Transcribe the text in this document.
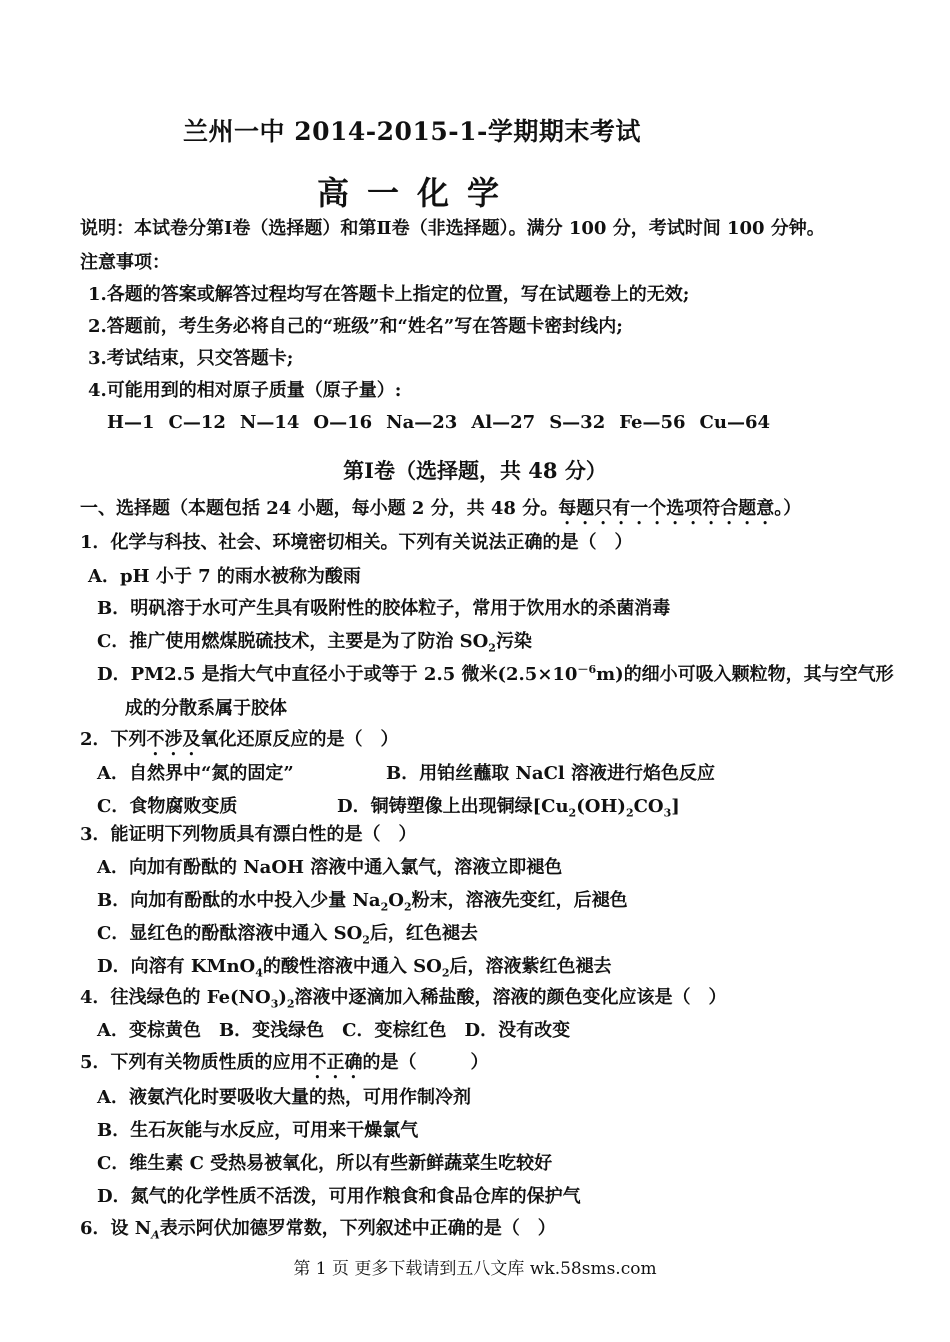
兰州一中 2014-2015-1-学期期末考试
高一化学
说明：本试卷分第Ⅰ卷（选择题）和第Ⅱ卷（非选择题）。满分 100 分，考试时间 100 分钟。
注意事项：
1.各题的答案或解答过程均写在答题卡上指定的位置，写在试题卷上的无效;
2.答题前，考生务必将自己的“班级”和“姓名”写在答题卡密封线内;
3.考试结束，只交答题卡;
4.可能用到的相对原子质量（原子量）:
H—1 C—12 N—14 O—16 Na—23 Al—27 S—32 Fe—56 Cu—64
第Ⅰ卷（选择题，共 48 分）
一、选择题（本题包括 24 小题，每小题 2 分，共 48 分。每题只有一个选项符合题意。）
1．化学与科技、社会、环境密切相关。下列有关说法正确的是（　）
A．pH 小于 7 的雨水被称为酸雨
B．明矾溶于水可产生具有吸附性的胶体粒子，常用于饮用水的杀菌消毒
C．推广使用燃煤脱硫技术，主要是为了防治 $SO_2$污染
D．PM2.5 是指大气中直径小于或等于 2.5 微米$(2.5\times 10^{-6}m)$的细小可吸入颗粒物，其与空气形
成的分散系属于胶体
2．下列不涉及氧化还原反应的是（　）
A．自然界中“氮的固定”	B．用铂丝蘸取 NaCl 溶液进行焰色反应
C．食物腐败变质	D．铜铸塑像上出现铜绿$[Cu_2(OH)_2CO_3]$
3．能证明下列物质具有漂白性的是（　）
A．向加有酚酞的 NaOH 溶液中通入氯气，溶液立即褪色
B．向加有酚酞的水中投入少量 $Na_2O_2$粉末，溶液先变红，后褪色
C．显红色的酚酞溶液中通入 $SO_2$后，红色褪去
D．向溶有 KMnO$_4$的酸性溶液中通入 $SO_2$后，溶液紫红色褪去
4．往浅绿色的 $Fe(NO_3)_2$溶液中逐滴加入稀盐酸，溶液的颜色变化应该是（　）
A．变棕黄色　B．变浅绿色　C．变棕红色　D．没有改变
5．下列有关物质性质的应用不正确的是（　　　）
A．液氨汽化时要吸收大量的热，可用作制冷剂
B．生石灰能与水反应，可用来干燥氯气
C．维生素 C 受热易被氧化，所以有些新鲜蔬菜生吃较好
D．氮气的化学性质不活泼，可用作粮食和食品仓库的保护气
6．设 $N_A$表示阿伏加德罗常数，下列叙述中正确的是（　）
第 1 页 更多下载请到五八文库 wk.58sms.com
